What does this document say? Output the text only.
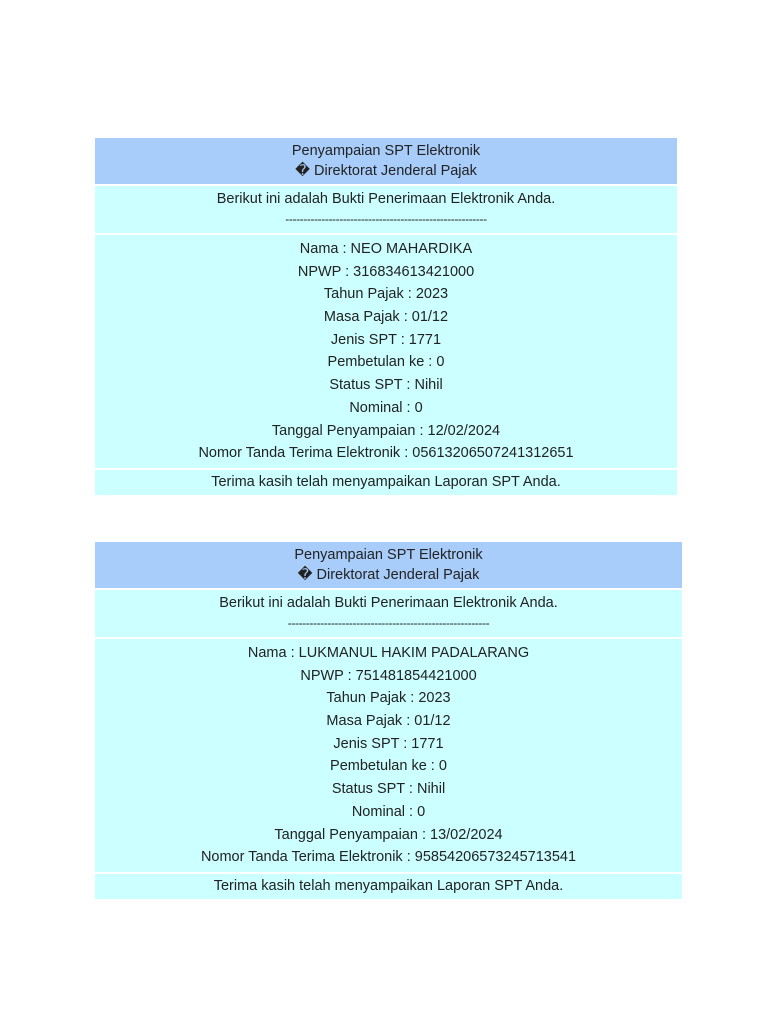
Penyampaian SPT Elektronik
� Direktorat Jenderal Pajak
Berikut ini adalah Bukti Penerimaan Elektronik Anda.
--------------------------------------------------------
Nama : NEO MAHARDIKA
NPWP : 316834613421000
Tahun Pajak : 2023
Masa Pajak : 01/12
Jenis SPT : 1771
Pembetulan ke : 0
Status SPT : Nihil
Nominal : 0
Tanggal Penyampaian : 12/02/2024
Nomor Tanda Terima Elektronik : 05613206507241312651
Terima kasih telah menyampaikan Laporan SPT Anda.
Penyampaian SPT Elektronik
� Direktorat Jenderal Pajak
Berikut ini adalah Bukti Penerimaan Elektronik Anda.
--------------------------------------------------------
Nama : LUKMANUL HAKIM PADALARANG
NPWP : 751481854421000
Tahun Pajak : 2023
Masa Pajak : 01/12
Jenis SPT : 1771
Pembetulan ke : 0
Status SPT : Nihil
Nominal : 0
Tanggal Penyampaian : 13/02/2024
Nomor Tanda Terima Elektronik : 95854206573245713541
Terima kasih telah menyampaikan Laporan SPT Anda.
